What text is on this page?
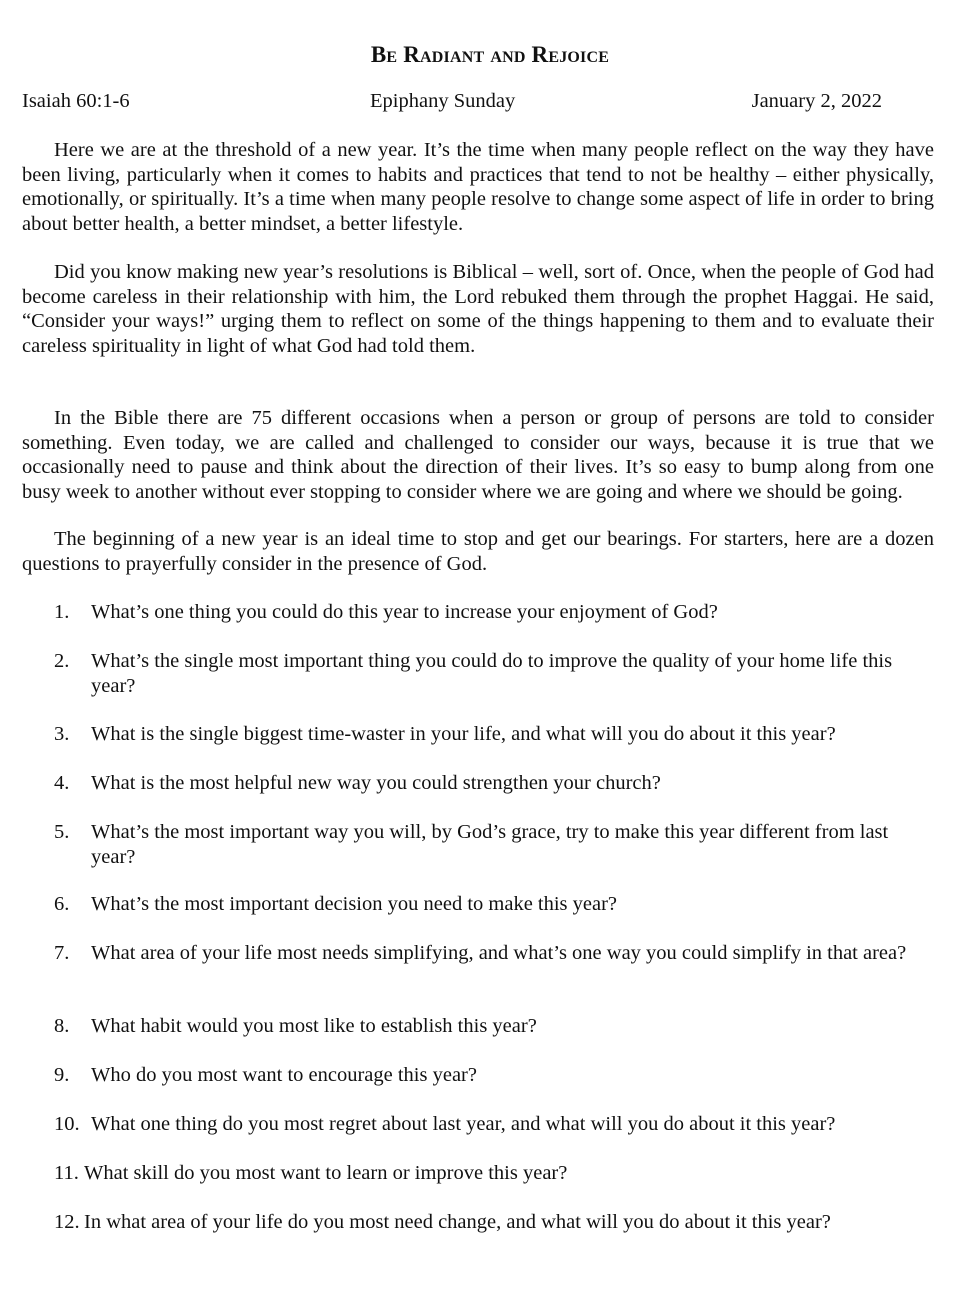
Be Radiant and Rejoice
Isaiah 60:1-6	Epiphany Sunday	January 2, 2022

Here we are at the threshold of a new year. It’s the time when many people reflect on the way they have been living, particularly when it comes to habits and practices that tend to not be healthy – either physically, emotionally, or spiritually. It’s a time when many people resolve to change some aspect of life in order to bring about better health, a better mindset, a better lifestyle.

Did you know making new year’s resolutions is Biblical – well, sort of. Once, when the people of God had become careless in their relationship with him, the Lord rebuked them through the prophet Haggai. He said, “Consider your ways!” urging them to reflect on some of the things happening to them and to evaluate their careless spirituality in light of what God had told them.

In the Bible there are 75 different occasions when a person or group of persons are told to consider something. Even today, we are called and challenged to consider our ways, because it is true that we occasionally need to pause and think about the direction of their lives. It’s so easy to bump along from one busy week to another without ever stopping to consider where we are going and where we should be going.

The beginning of a new year is an ideal time to stop and get our bearings. For starters, here are a dozen questions to prayerfully consider in the presence of God.

1. What’s one thing you could do this year to increase your enjoyment of God?
2. What’s the single most important thing you could do to improve the quality of your home life this year?
3. What is the single biggest time-waster in your life, and what will you do about it this year?
4. What is the most helpful new way you could strengthen your church?
5. What’s the most important way you will, by God’s grace, try to make this year different from last year?
6. What’s the most important decision you need to make this year?
7. What area of your life most needs simplifying, and what’s one way you could simplify in that area?
8. What habit would you most like to establish this year?
9. Who do you most want to encourage this year?
10. What one thing do you most regret about last year, and what will you do about it this year?
11. What skill do you most want to learn or improve this year?
12. In what area of your life do you most need change, and what will you do about it this year?
